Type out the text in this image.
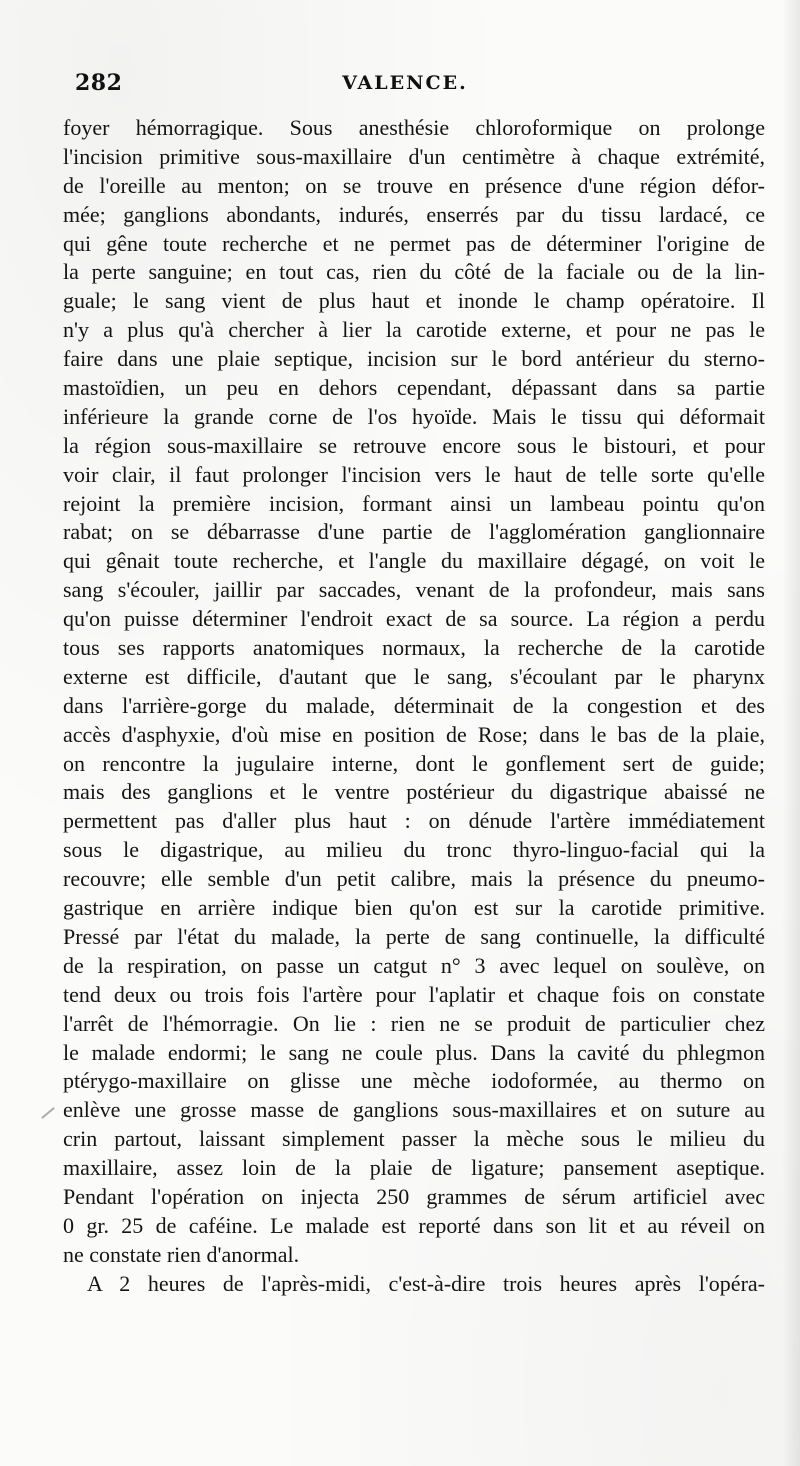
282	VALENCE.
foyer hémorragique. Sous anesthésie chloroformique on prolonge
l'incision primitive sous-maxillaire d'un centimètre à chaque extrémité,
de l'oreille au menton; on se trouve en présence d'une région défor-
mée; ganglions abondants, indurés, enserrés par du tissu lardacé, ce
qui gêne toute recherche et ne permet pas de déterminer l'origine de
la perte sanguine; en tout cas, rien du côté de la faciale ou de la lin-
guale; le sang vient de plus haut et inonde le champ opératoire. Il
n'y a plus qu'à chercher à lier la carotide externe, et pour ne pas le
faire dans une plaie septique, incision sur le bord antérieur du sterno-
mastoïdien, un peu en dehors cependant, dépassant dans sa partie
inférieure la grande corne de l'os hyoïde. Mais le tissu qui déformait
la région sous-maxillaire se retrouve encore sous le bistouri, et pour
voir clair, il faut prolonger l'incision vers le haut de telle sorte qu'elle
rejoint la première incision, formant ainsi un lambeau pointu qu'on
rabat; on se débarrasse d'une partie de l'agglomération ganglionnaire
qui gênait toute recherche, et l'angle du maxillaire dégagé, on voit le
sang s'écouler, jaillir par saccades, venant de la profondeur, mais sans
qu'on puisse déterminer l'endroit exact de sa source. La région a perdu
tous ses rapports anatomiques normaux, la recherche de la carotide
externe est difficile, d'autant que le sang, s'écoulant par le pharynx
dans l'arrière-gorge du malade, déterminait de la congestion et des
accès d'asphyxie, d'où mise en position de Rose; dans le bas de la plaie,
on rencontre la jugulaire interne, dont le gonflement sert de guide;
mais des ganglions et le ventre postérieur du digastrique abaissé ne
permettent pas d'aller plus haut : on dénude l'artère immédiatement
sous le digastrique, au milieu du tronc thyro-linguo-facial qui la
recouvre; elle semble d'un petit calibre, mais la présence du pneumo-
gastrique en arrière indique bien qu'on est sur la carotide primitive.
Pressé par l'état du malade, la perte de sang continuelle, la difficulté
de la respiration, on passe un catgut n° 3 avec lequel on soulève, on
tend deux ou trois fois l'artère pour l'aplatir et chaque fois on constate
l'arrêt de l'hémorragie. On lie : rien ne se produit de particulier chez
le malade endormi; le sang ne coule plus. Dans la cavité du phlegmon
ptérygo-maxillaire on glisse une mèche iodoformée, au thermo on
enlève une grosse masse de ganglions sous-maxillaires et on suture au
crin partout, laissant simplement passer la mèche sous le milieu du
maxillaire, assez loin de la plaie de ligature; pansement aseptique.
Pendant l'opération on injecta 250 grammes de sérum artificiel avec
0 gr. 25 de caféine. Le malade est reporté dans son lit et au réveil on
ne constate rien d'anormal.
A 2 heures de l'après-midi, c'est-à-dire trois heures après l'opéra-
